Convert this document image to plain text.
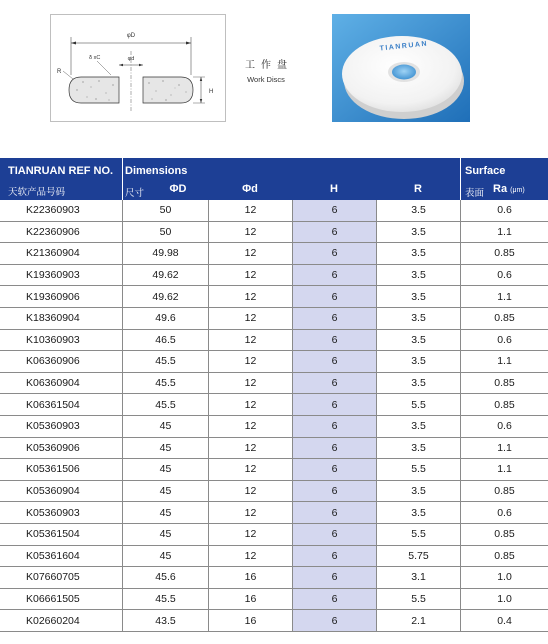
φD
δ xC	φd
R
H
工作盘
Work Discs
TIANRUAN
TIANRUAN REF NO.
天软产品号码
Dimensions
尺寸	ΦD	Φd	H	R
Surface
表面 Ra (μm)
K22360903	50	12	6	3.5	0.6
K22360906	50	12	6	3.5	1.1
K21360904	49.98	12	6	3.5	0.85
K19360903	49.62	12	6	3.5	0.6
K19360906	49.62	12	6	3.5	1.1
K18360904	49.6	12	6	3.5	0.85
K10360903	46.5	12	6	3.5	0.6
K06360906	45.5	12	6	3.5	1.1
K06360904	45.5	12	6	3.5	0.85
K06361504	45.5	12	6	5.5	0.85
K05360903	45	12	6	3.5	0.6
K05360906	45	12	6	3.5	1.1
K05361506	45	12	6	5.5	1.1
K05360904	45	12	6	3.5	0.85
K05360903	45	12	6	3.5	0.6
K05361504	45	12	6	5.5	0.85
K05361604	45	12	6	5.75	0.85
K07660705	45.6	16	6	3.1	1.0
K06661505	45.5	16	6	5.5	1.0
K02660204	43.5	16	6	2.1	0.4
